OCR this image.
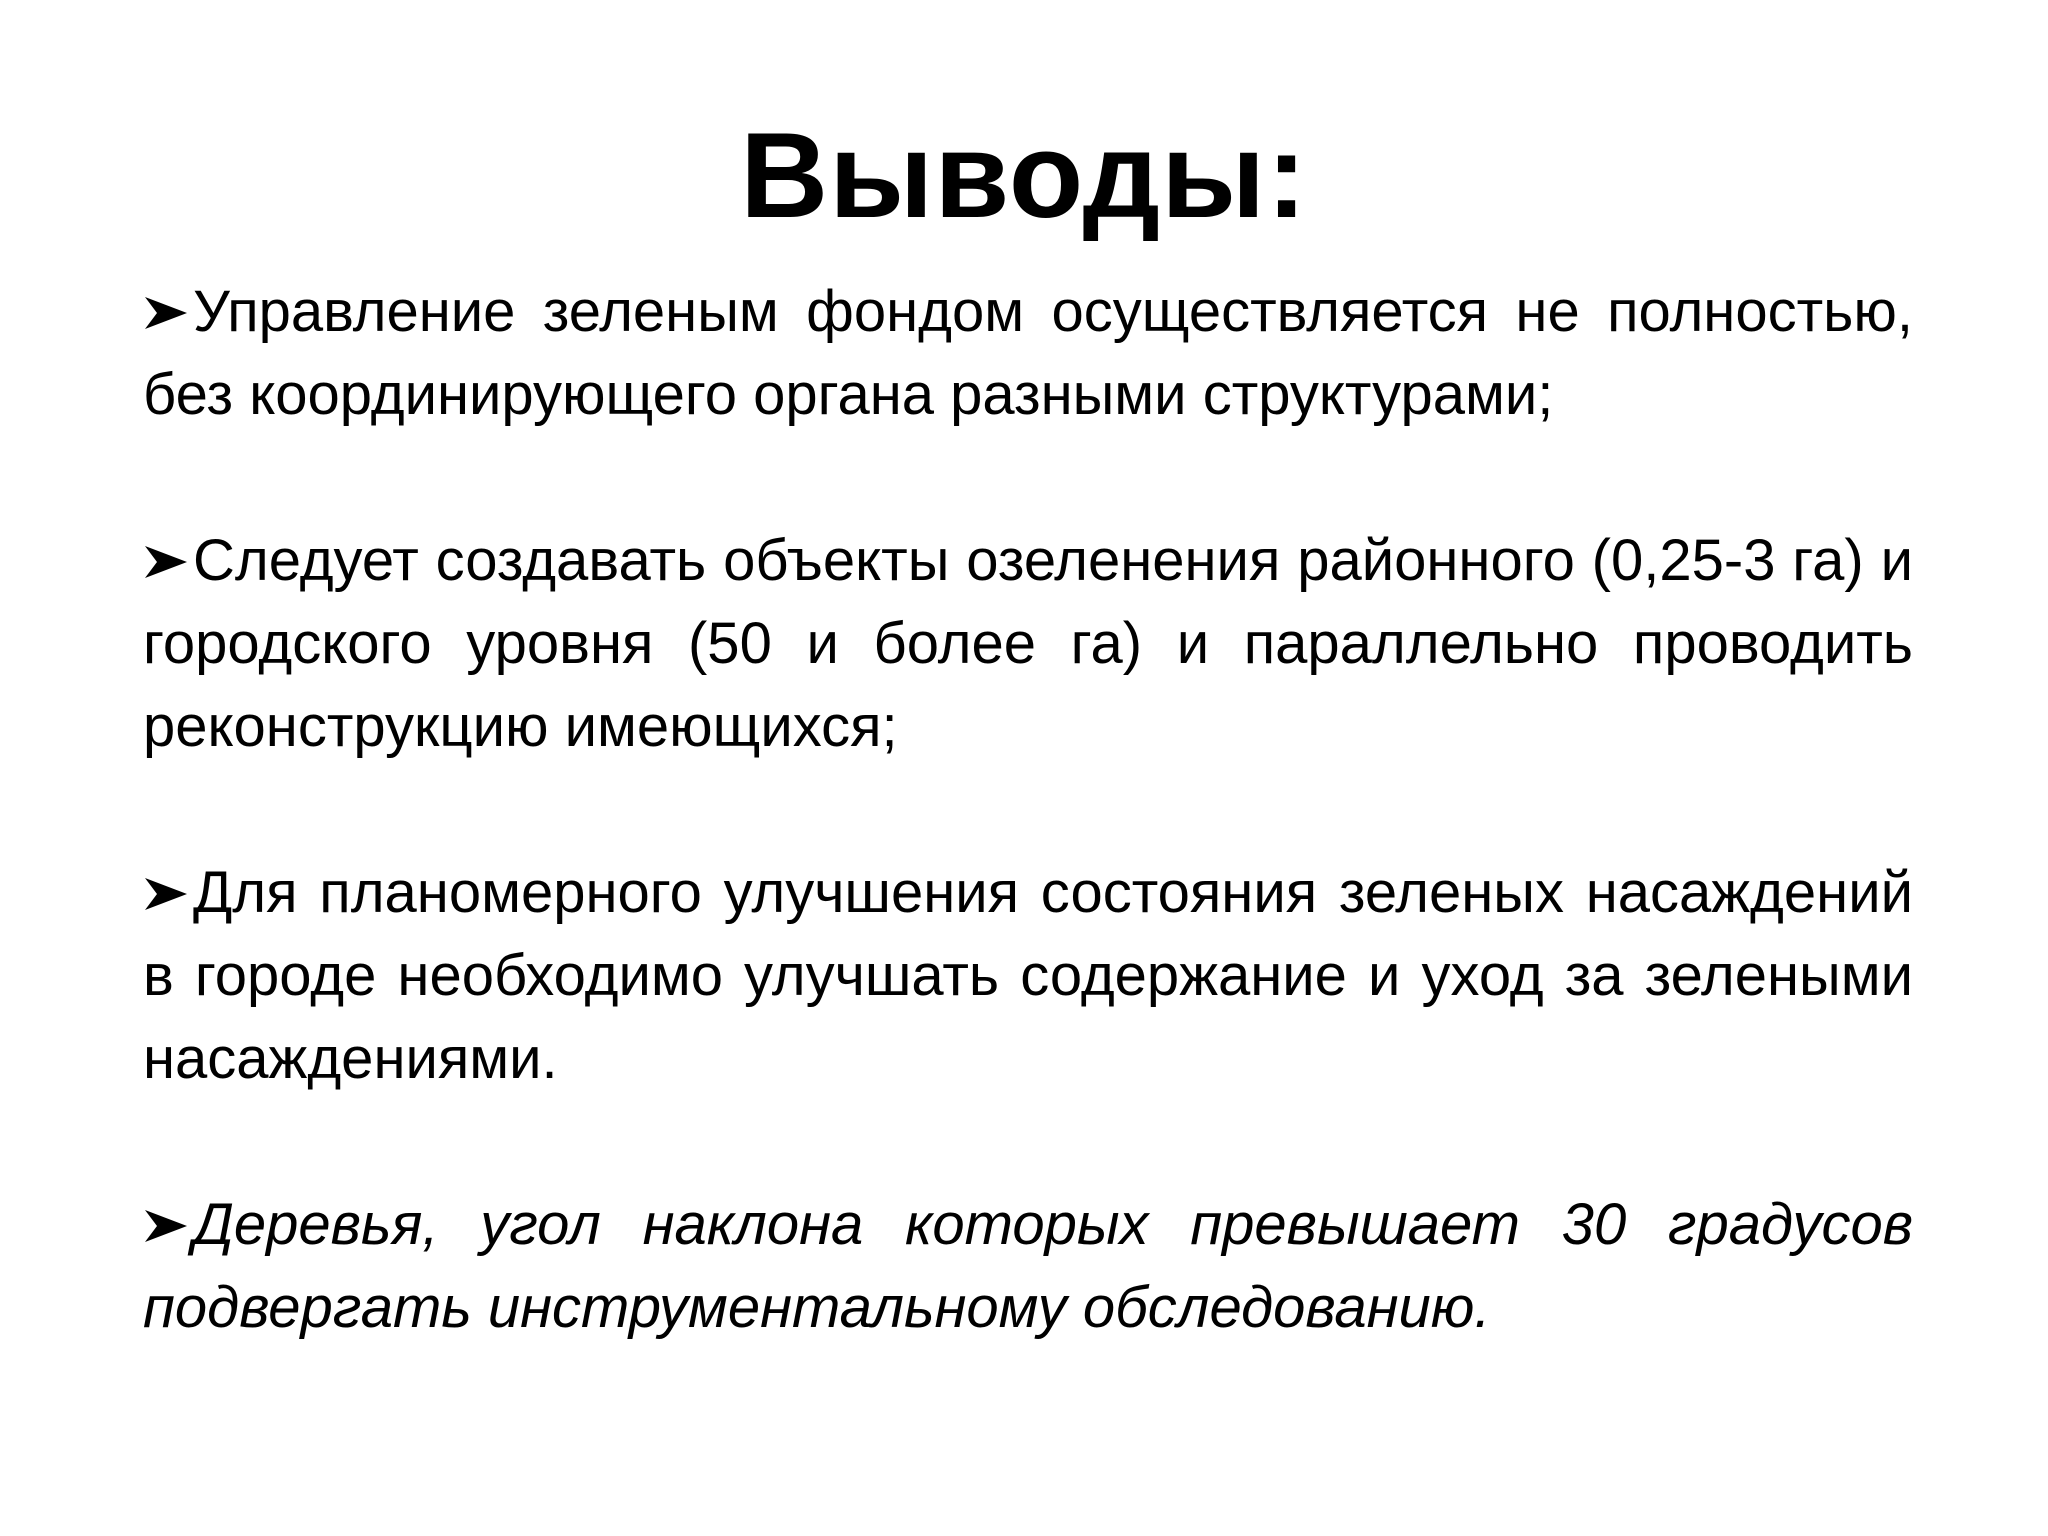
Выводы:

Управление зеленым фондом осуществляется не полностью, без координирующего органа разными структурами;

Следует создавать объекты озеленения районного (0,25-3 га) и городского уровня (50 и более га) и параллельно проводить реконструкцию имеющихся;

Для планомерного улучшения состояния зеленых насаждений в городе необходимо улучшать содержание и уход за зелеными насаждениями.

Деревья, угол наклона которых превышает 30 градусов подвергать инструментальному обследованию.
